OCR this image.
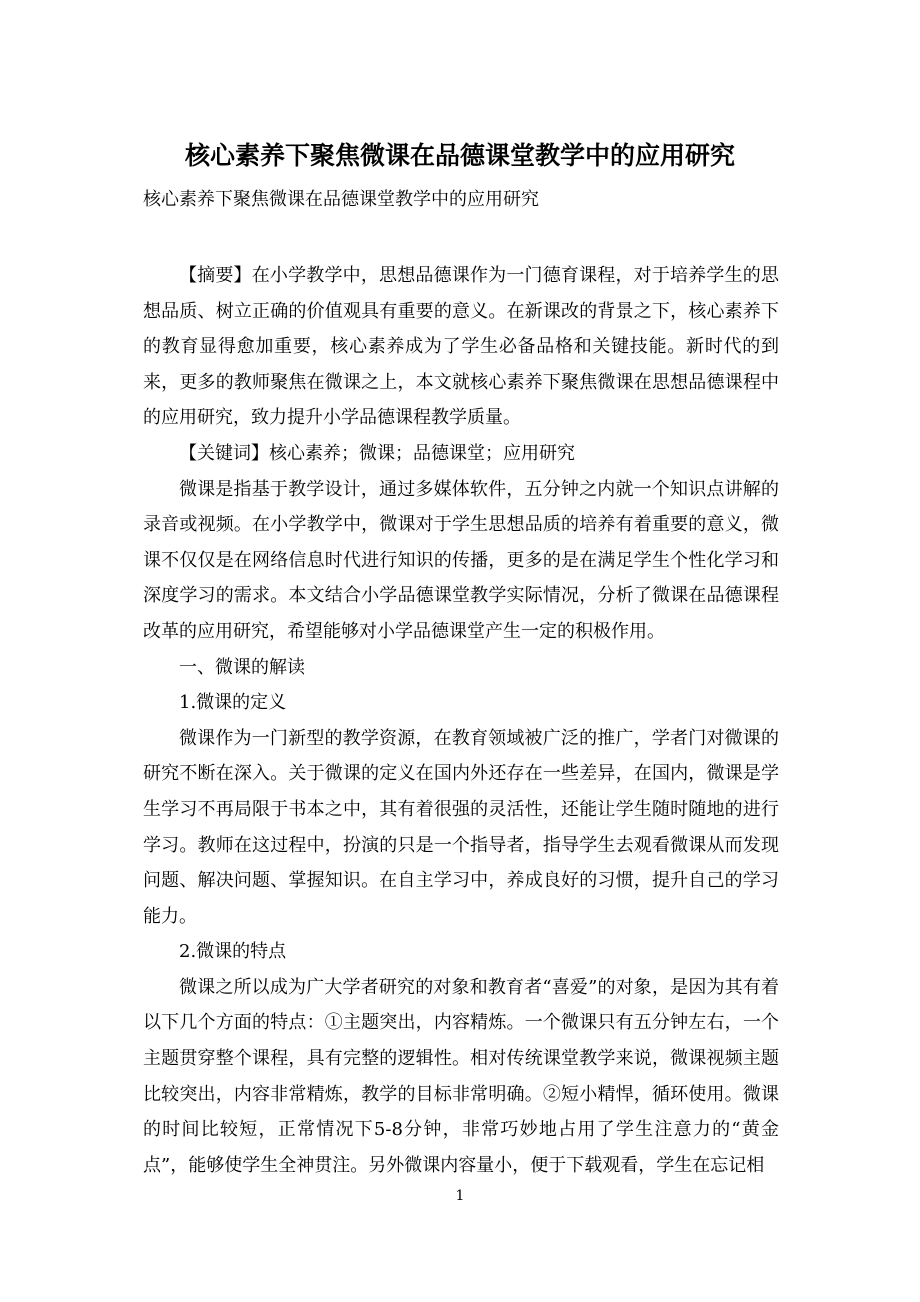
核心素养下聚焦微课在品德课堂教学中的应用研究

核心素养下聚焦微课在品德课堂教学中的应用研究

【摘要】在小学教学中，思想品德课作为一门德育课程，对于培养学生的思想品质、树立正确的价值观具有重要的意义。在新课改的背景之下，核心素养下的教育显得愈加重要，核心素养成为了学生必备品格和关键技能。新时代的到来，更多的教师聚焦在微课之上，本文就核心素养下聚焦微课在思想品德课程中的应用研究，致力提升小学品德课程教学质量。

【关键词】核心素养；微课；品德课堂；应用研究

微课是指基于教学设计，通过多媒体软件，五分钟之内就一个知识点讲解的录音或视频。在小学教学中，微课对于学生思想品质的培养有着重要的意义，微课不仅仅是在网络信息时代进行知识的传播，更多的是在满足学生个性化学习和深度学习的需求。本文结合小学品德课堂教学实际情况，分析了微课在品德课程改革的应用研究，希望能够对小学品德课堂产生一定的积极作用。

一、微课的解读

1.微课的定义

微课作为一门新型的教学资源，在教育领域被广泛的推广，学者门对微课的研究不断在深入。关于微课的定义在国内外还存在一些差异，在国内，微课是学生学习不再局限于书本之中，其有着很强的灵活性，还能让学生随时随地的进行学习。教师在这过程中，扮演的只是一个指导者，指导学生去观看微课从而发现问题、解决问题、掌握知识。在自主学习中，养成良好的习惯，提升自己的学习能力。

2.微课的特点

微课之所以成为广大学者研究的对象和教育者“喜爱”的对象，是因为其有着以下几个方面的特点：①主题突出，内容精炼。一个微课只有五分钟左右，一个主题贯穿整个课程，具有完整的逻辑性。相对传统课堂教学来说，微课视频主题比较突出，内容非常精炼，教学的目标非常明确。②短小精悍，循环使用。微课的时间比较短，正常情况下5-8分钟，非常巧妙地占用了学生注意力的“黄金点”，能够使学生全神贯注。另外微课内容量小，便于下载观看，学生在忘记相

1
